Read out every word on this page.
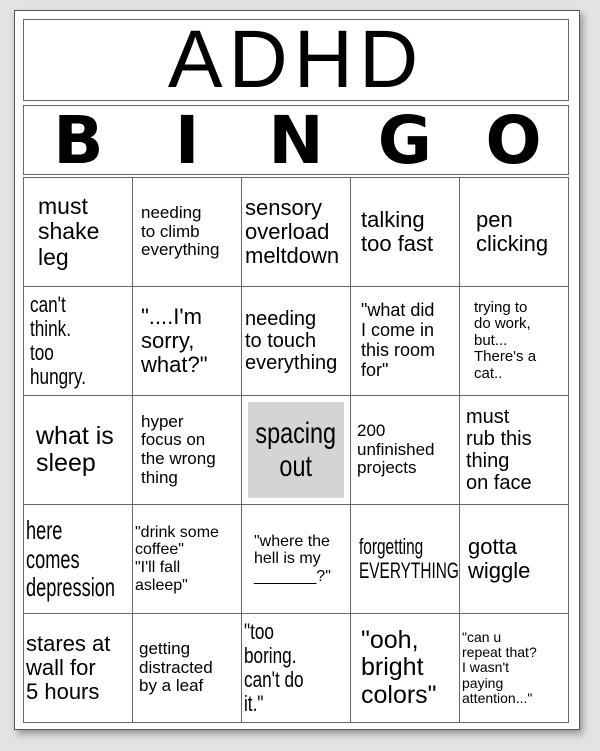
ADHD
B	I	N G O
must
shake
leg
needing
to climb
everything
sensory
overload
meltdown
talking
too fast
pen
clicking
can't think.
too hungry.
"....I'm
sorry,
what?"
needing
to touch
everything
"what did
I come in
this room
for"
trying to
do work,
but...
There's a
cat..
what is
sleep
hyper
focus on
the wrong
thing
spacing
out
200
unfinished
projects
must
rub this
thing
on face
here comes
depression
"drink some
coffee"
"I'll fall
asleep"
"where the
hell is my
_______?"
forgetting
EVERYTHING
gotta
wiggle
stares at
wall for
5 hours
getting
distracted
by a leaf
"too boring.
can't do it."
"ooh,
bright
colors"
"can u
repeat that?
I wasn't
paying
attention..."
